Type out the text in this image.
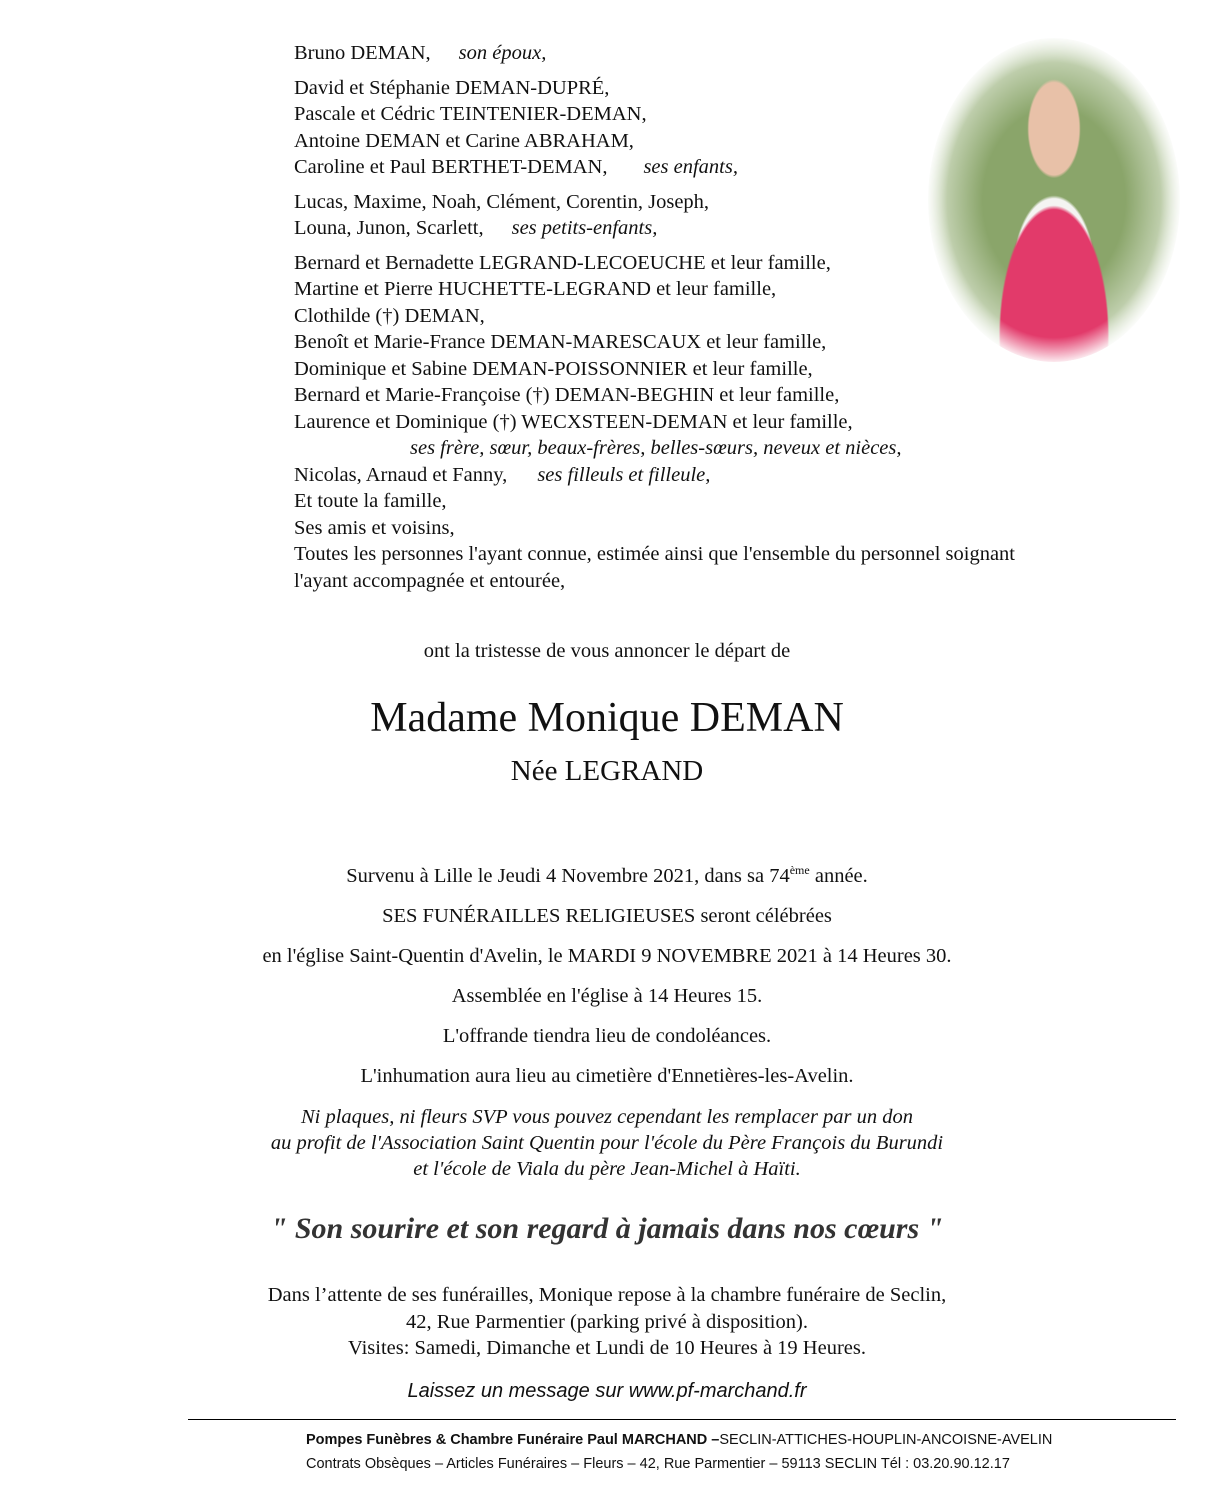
Bruno DEMAN, son époux,
David et Stéphanie DEMAN-DUPRÉ,
Pascale et Cédric TEINTENIER-DEMAN,
Antoine DEMAN et Carine ABRAHAM,
Caroline et Paul BERTHET-DEMAN, ses enfants,
Lucas, Maxime, Noah, Clément, Corentin, Joseph,
Louna, Junon, Scarlett, ses petits-enfants,
Bernard et Bernadette LEGRAND-LECOEUCHE et leur famille,
Martine et Pierre HUCHETTE-LEGRAND et leur famille,
Clothilde (†) DEMAN,
Benoît et Marie-France DEMAN-MARESCAUX et leur famille,
Dominique et Sabine DEMAN-POISSONNIER et leur famille,
Bernard et Marie-Françoise (†) DEMAN-BEGHIN et leur famille,
Laurence et Dominique (†) WECXSTEEN-DEMAN et leur famille,
ses frère, sœur, beaux-frères, belles-sœurs, neveux et nièces,
Nicolas, Arnaud et Fanny, ses filleuls et filleule,
Et toute la famille,
Ses amis et voisins,
Toutes les personnes l'ayant connue, estimée ainsi que l'ensemble du personnel soignant
l'ayant accompagnée et entourée,
ont la tristesse de vous annoncer le départ de
Madame Monique DEMAN
Née LEGRAND
Survenu à Lille le Jeudi 4 Novembre 2021, dans sa 74ème année.
SES FUNÉRAILLES RELIGIEUSES seront célébrées
en l'église Saint-Quentin d'Avelin, le MARDI 9 NOVEMBRE 2021 à 14 Heures 30.
Assemblée en l'église à 14 Heures 15.
L'offrande tiendra lieu de condoléances.
L'inhumation aura lieu au cimetière d'Ennetières-les-Avelin.
Ni plaques, ni fleurs SVP vous pouvez cependant les remplacer par un don
au profit de l'Association Saint Quentin pour l'école du Père François du Burundi
et l'école de Viala du père Jean-Michel à Haïti.
" Son sourire et son regard à jamais dans nos cœurs "
Dans l’attente de ses funérailles, Monique repose à la chambre funéraire de Seclin,
42, Rue Parmentier (parking privé à disposition).
Visites: Samedi, Dimanche et Lundi de 10 Heures à 19 Heures.
Laissez un message sur www.pf-marchand.fr
Pompes Funèbres & Chambre Funéraire Paul MARCHAND –SECLIN-ATTICHES-HOUPLIN-ANCOISNE-AVELIN
Contrats Obsèques – Articles Funéraires – Fleurs – 42, Rue Parmentier – 59113 SECLIN Tél : 03.20.90.12.17
